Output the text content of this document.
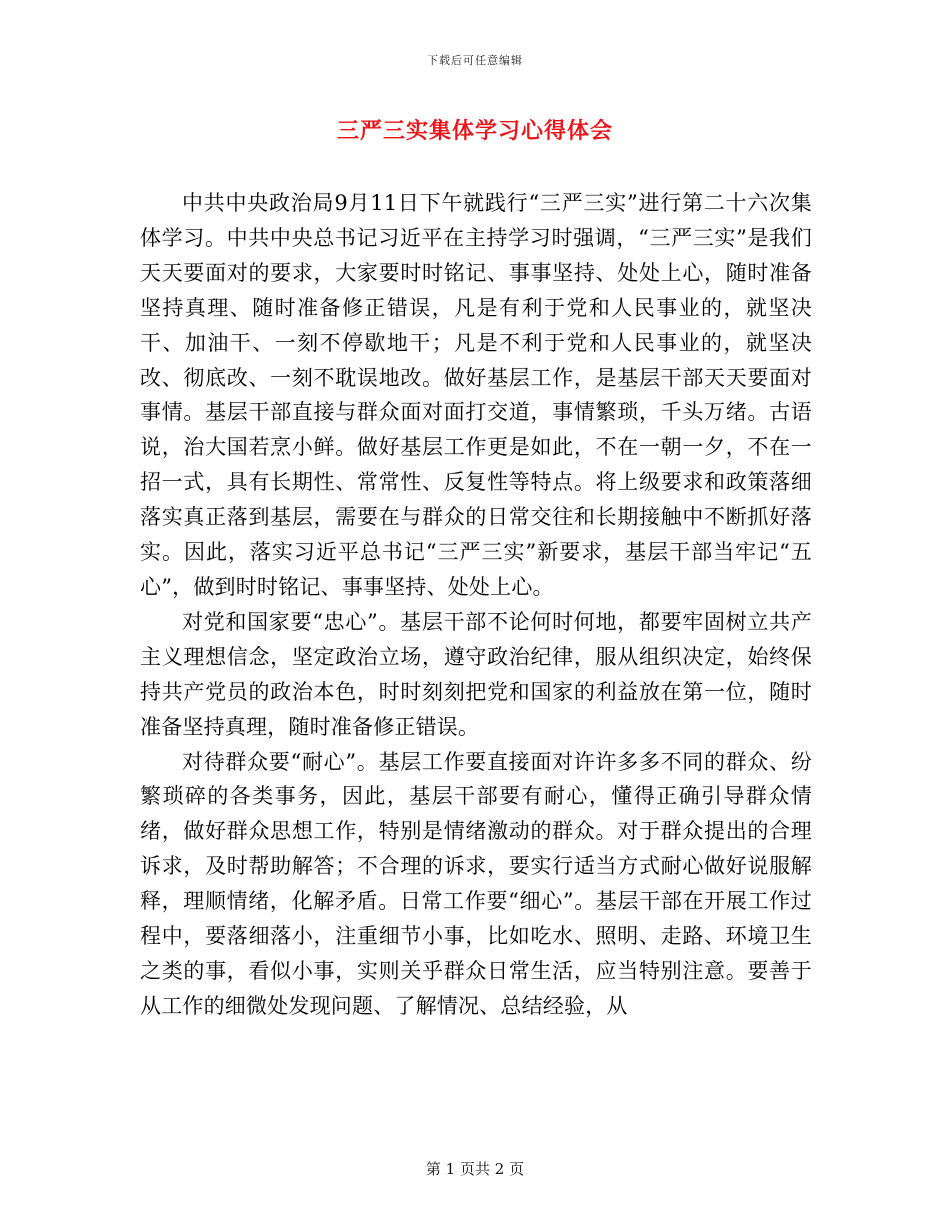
下载后可任意编辑
三严三实集体学习心得体会

中共中央政治局9月11日下午就践行“三严三实”进行第二十六次集体学习。中共中央总书记习近平在主持学习时强调，“三严三实”是我们天天要面对的要求，大家要时时铭记、事事坚持、处处上心，随时准备坚持真理、随时准备修正错误，凡是有利于党和人民事业的，就坚决干、加油干、一刻不停歇地干；凡是不利于党和人民事业的，就坚决改、彻底改、一刻不耽误地改。做好基层工作，是基层干部天天要面对事情。基层干部直接与群众面对面打交道，事情繁琐，千头万绪。古语说，治大国若烹小鲜。做好基层工作更是如此，不在一朝一夕，不在一招一式，具有长期性、常常性、反复性等特点。将上级要求和政策落细落实真正落到基层，需要在与群众的日常交往和长期接触中不断抓好落实。因此，落实习近平总书记“三严三实”新要求，基层干部当牢记“五心”，做到时时铭记、事事坚持、处处上心。

对党和国家要“忠心”。基层干部不论何时何地，都要牢固树立共产主义理想信念，坚定政治立场，遵守政治纪律，服从组织决定，始终保持共产党员的政治本色，时时刻刻把党和国家的利益放在第一位，随时准备坚持真理，随时准备修正错误。

对待群众要“耐心”。基层工作要直接面对许许多多不同的群众、纷繁琐碎的各类事务，因此，基层干部要有耐心，懂得正确引导群众情绪，做好群众思想工作，特别是情绪激动的群众。对于群众提出的合理诉求，及时帮助解答；不合理的诉求，要实行适当方式耐心做好说服解释，理顺情绪，化解矛盾。日常工作要“细心”。基层干部在开展工作过程中，要落细落小，注重细节小事，比如吃水、照明、走路、环境卫生之类的事，看似小事，实则关乎群众日常生活，应当特别注意。要善于从工作的细微处发现问题、了解情况、总结经验，从

第 1 页共 2 页
